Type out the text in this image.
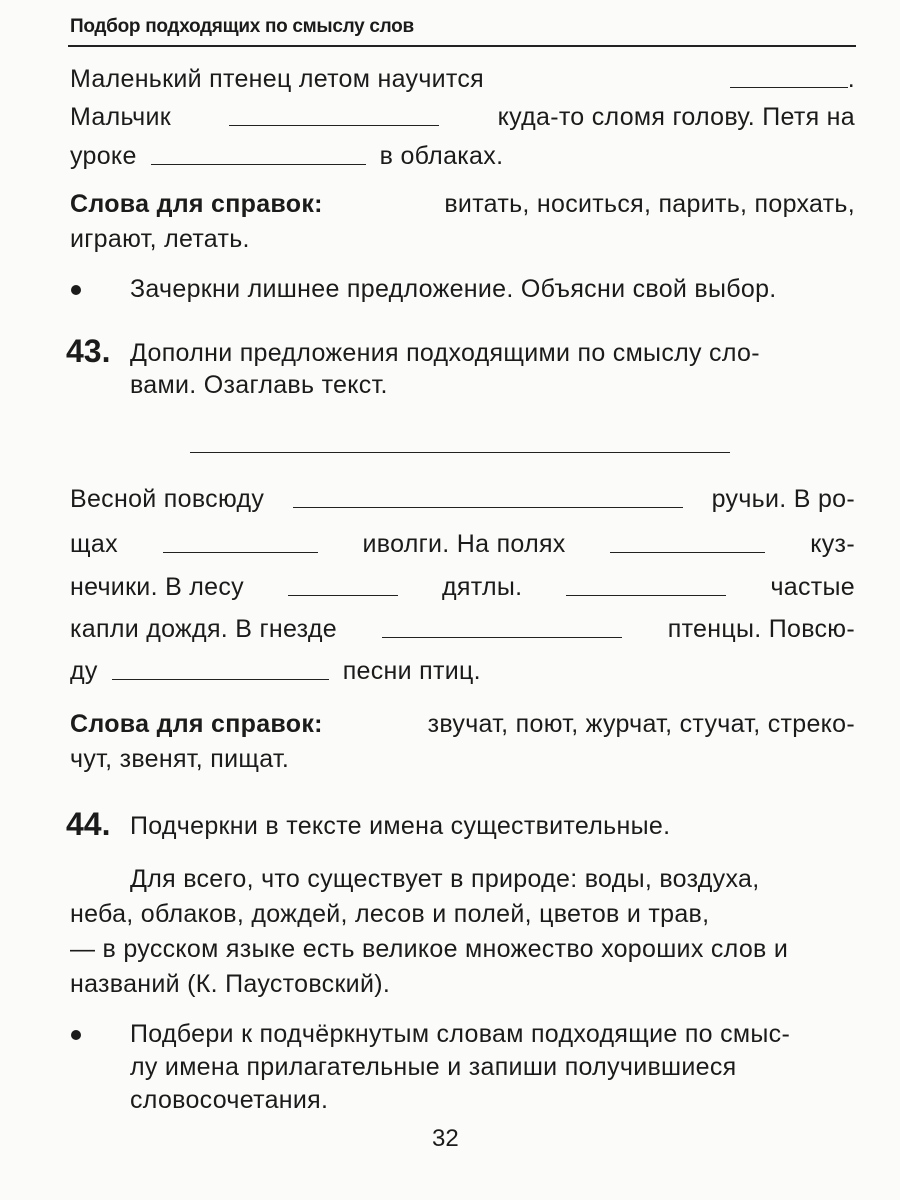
Подбор подходящих по смыслу слов
Маленький птенец летом научится	.
Мальчик	куда-то сломя голову. Петя на
уроке	в облаках.
Слова для справок:	витать, носиться, парить, порхать,
играют, летать.
Зачеркни лишнее предложение. Объясни свой выбор.
43. Дополни предложения подходящими по смыслу сло-
вами. Озаглавь текст.
Весной повсюду	ручьи. В ро-
щах	иволги. На полях	куз-
нечики. В лесу	дятлы.	частые
капли дождя. В гнезде	птенцы. Повсю-
ду	песни птиц.
Слова для справок:	звучат, поют, журчат, стучат, стреко-
чут, звенят, пищат.
44. Подчеркни в тексте имена существительные.
Для всего, что существует в природе: воды, воздуха,
неба, облаков, дождей, лесов и полей, цветов и трав,
— в русском языке есть великое множество хороших слов и
названий (К. Паустовский).
Подбери к подчёркнутым словам подходящие по смыс-
лу имена прилагательные и запиши получившиеся
словосочетания.
32
